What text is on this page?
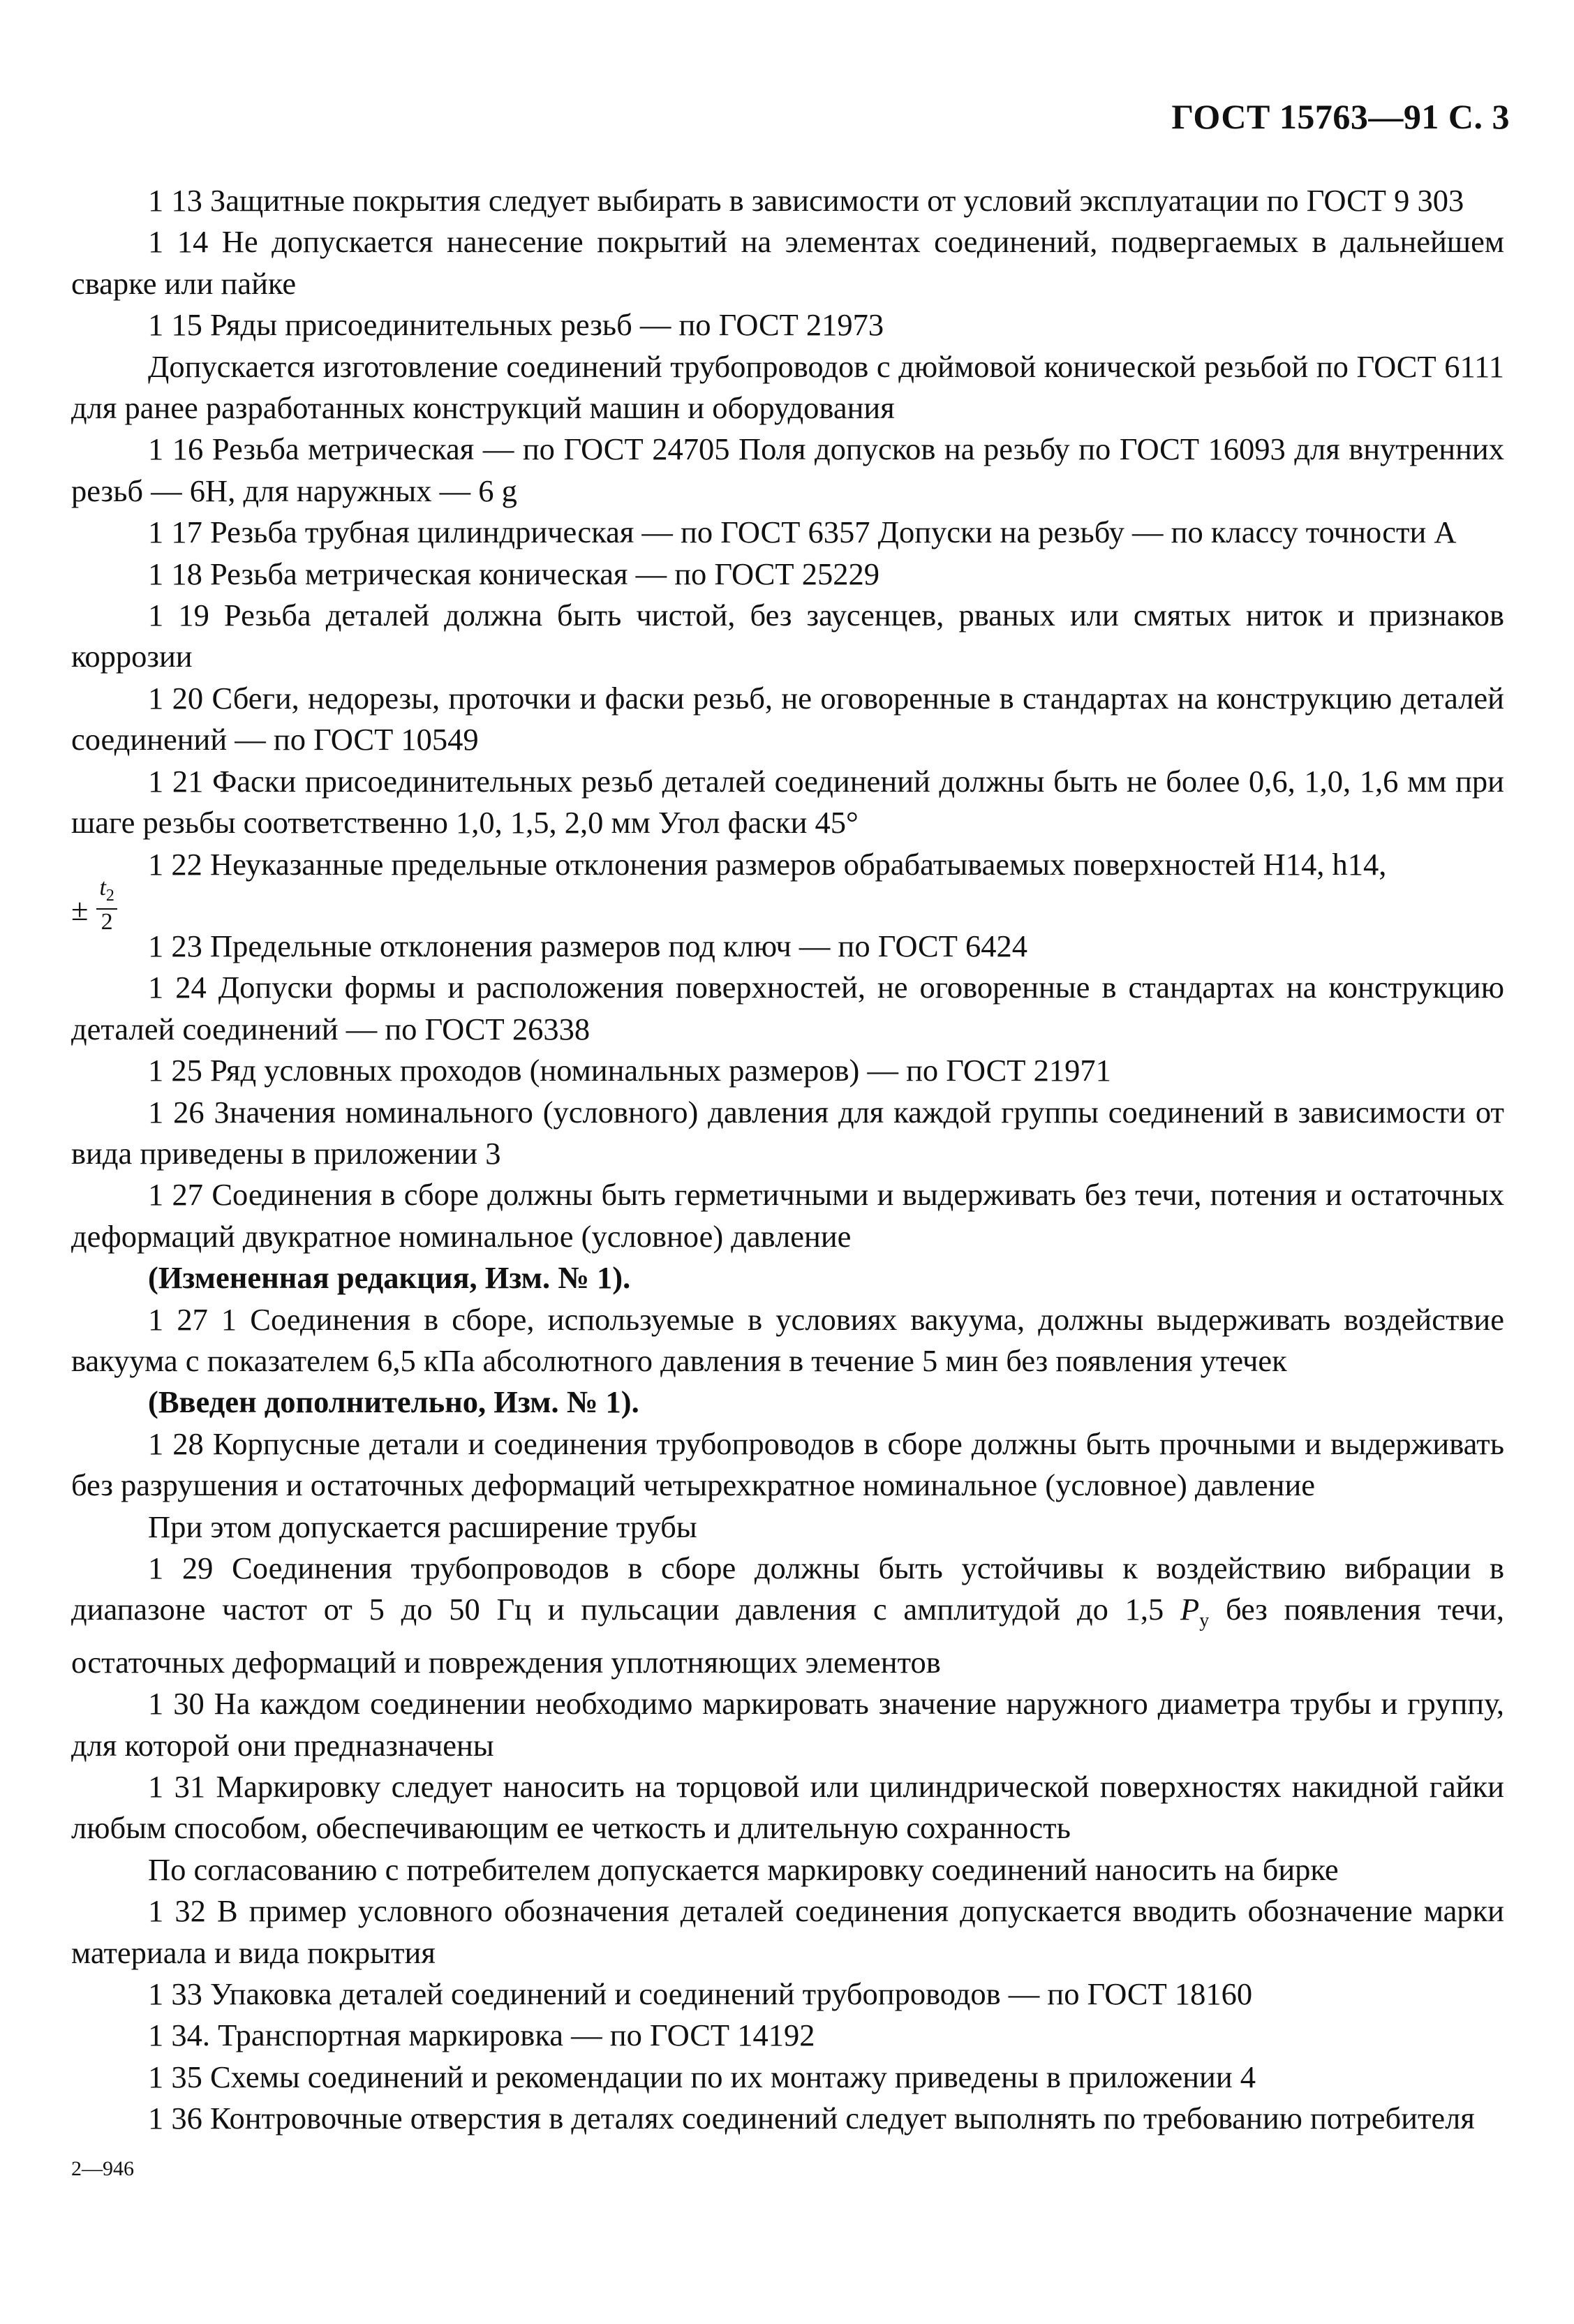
ГОСТ 15763—91 С. 3

1 13 Защитные покрытия следует выбирать в зависимости от условий эксплуатации по ГОСТ 9 303

1 14 Не допускается нанесение покрытий на элементах соединений, подвергаемых в дальнейшем сварке или пайке

1 15 Ряды присоединительных резьб — по ГОСТ 21973

Допускается изготовление соединений трубопроводов с дюймовой конической резьбой по ГОСТ 6111 для ранее разработанных конструкций машин и оборудования

1 16 Резьба метрическая — по ГОСТ 24705 Поля допусков на резьбу по ГОСТ 16093 для внутренних резьб — 6Н, для наружных — 6 g

1 17 Резьба трубная цилиндрическая — по ГОСТ 6357 Допуски на резьбу — по классу точности А

1 18 Резьба метрическая коническая — по ГОСТ 25229

1 19 Резьба деталей должна быть чистой, без заусенцев, рваных или смятых ниток и признаков коррозии

1 20 Сбеги, недорезы, проточки и фаски резьб, не оговоренные в стандартах на конструкцию деталей соединений — по ГОСТ 10549

1 21 Фаски присоединительных резьб деталей соединений должны быть не более 0,6, 1,0, 1,6 мм при шаге резьбы соответственно 1,0, 1,5, 2,0 мм Угол фаски 45°

1 22 Неуказанные предельные отклонения размеров обрабатываемых поверхностей H14, h14,

± $\frac{t_2}{2}$

1 23 Предельные отклонения размеров под ключ — по ГОСТ 6424

1 24 Допуски формы и расположения поверхностей, не оговоренные в стандартах на конструкцию деталей соединений — по ГОСТ 26338

1 25 Ряд условных проходов (номинальных размеров) — по ГОСТ 21971

1 26 Значения номинального (условного) давления для каждой группы соединений в зависимости от вида приведены в приложении 3

1 27 Соединения в сборе должны быть герметичными и выдерживать без течи, потения и остаточных деформаций двукратное номинальное (условное) давление

(Измененная редакция, Изм. № 1).

1 27 1 Соединения в сборе, используемые в условиях вакуума, должны выдерживать воздействие вакуума с показателем 6,5 кПа абсолютного давления в течение 5 мин без появления утечек

(Введен дополнительно, Изм. № 1).

1 28 Корпусные детали и соединения трубопроводов в сборе должны быть прочными и выдерживать без разрушения и остаточных деформаций четырехкратное номинальное (условное) давление

При этом допускается расширение трубы

1 29 Соединения трубопроводов в сборе должны быть устойчивы к воздействию вибрации в диапазоне частот от 5 до 50 Гц и пульсации давления с амплитудой до 1,5 $P_у$ без появления течи, остаточных деформаций и повреждения уплотняющих элементов

1 30 На каждом соединении необходимо маркировать значение наружного диаметра трубы и группу, для которой они предназначены

1 31 Маркировку следует наносить на торцовой или цилиндрической поверхностях накидной гайки любым способом, обеспечивающим ее четкость и длительную сохранность

По согласованию с потребителем допускается маркировку соединений наносить на бирке

1 32 В пример условного обозначения деталей соединения допускается вводить обозначение марки материала и вида покрытия

1 33 Упаковка деталей соединений и соединений трубопроводов — по ГОСТ 18160

1 34. Транспортная маркировка — по ГОСТ 14192

1 35 Схемы соединений и рекомендации по их монтажу приведены в приложении 4

1 36 Контровочные отверстия в деталях соединений следует выполнять по требованию потребителя

2—946
